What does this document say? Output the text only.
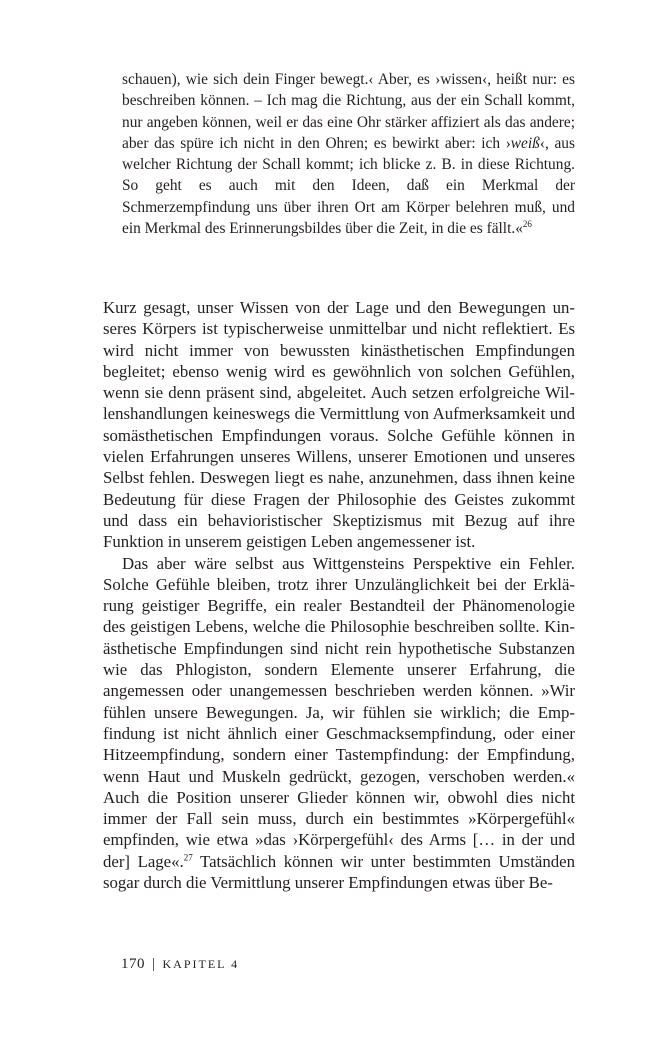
schauen), wie sich dein Finger bewegt.‹ Aber, es ›wissen‹, heißt nur: es beschreiben können. – Ich mag die Richtung, aus der ein Schall kommt, nur angeben können, weil er das eine Ohr stärker affiziert als das andere; aber das spüre ich nicht in den Ohren; es bewirkt aber: ich ›weiß‹, aus welcher Richtung der Schall kommt; ich blicke z. B. in diese Richtung. So geht es auch mit den Ideen, daß ein Merkmal der Schmerzempfindung uns über ihren Ort am Körper belehren muß, und ein Merkmal des Erinnerungsbildes über die Zeit, in die es fällt.«$^{26}$

Kurz gesagt, unser Wissen von der Lage und den Bewegungen unseres Körpers ist typischerweise unmittelbar und nicht reflektiert. Es wird nicht immer von bewussten kinästhetischen Empfindungen begleitet; ebenso wenig wird es gewöhnlich von solchen Gefühlen, wenn sie denn präsent sind, abgeleitet. Auch setzen erfolgreiche Willenshandlungen keineswegs die Vermittlung von Aufmerksamkeit und somästhetischen Empfindungen voraus. Solche Gefühle können in vielen Erfahrungen unseres Willens, unserer Emotionen und unseres Selbst fehlen. Deswegen liegt es nahe, anzunehmen, dass ihnen keine Bedeutung für diese Fragen der Philosophie des Geistes zukommt und dass ein behavioristischer Skeptizismus mit Bezug auf ihre Funktion in unserem geistigen Leben angemessener ist.

Das aber wäre selbst aus Wittgensteins Perspektive ein Fehler. Solche Gefühle bleiben, trotz ihrer Unzulänglichkeit bei der Erklärung geistiger Begriffe, ein realer Bestandteil der Phänomenologie des geistigen Lebens, welche die Philosophie beschreiben sollte. Kinästhetische Empfindungen sind nicht rein hypothetische Substanzen wie das Phlogiston, sondern Elemente unserer Erfahrung, die angemessen oder unangemessen beschrieben werden können. »Wir fühlen unsere Bewegungen. Ja, wir fühlen sie wirklich; die Empfindung ist nicht ähnlich einer Geschmacksempfindung, oder einer Hitzeempfindung, sondern einer Tastempfindung: der Empfindung, wenn Haut und Muskeln gedrückt, gezogen, verschoben werden.« Auch die Position unserer Glieder können wir, obwohl dies nicht immer der Fall sein muss, durch ein bestimmtes »Körpergefühl« empfinden, wie etwa »das ›Körpergefühl‹ des Arms [… in der und der] Lage«.$^{27}$ Tatsächlich können wir unter bestimmten Umständen sogar durch die Vermittlung unserer Empfindungen etwas über Be-

170 | KAPITEL 4
